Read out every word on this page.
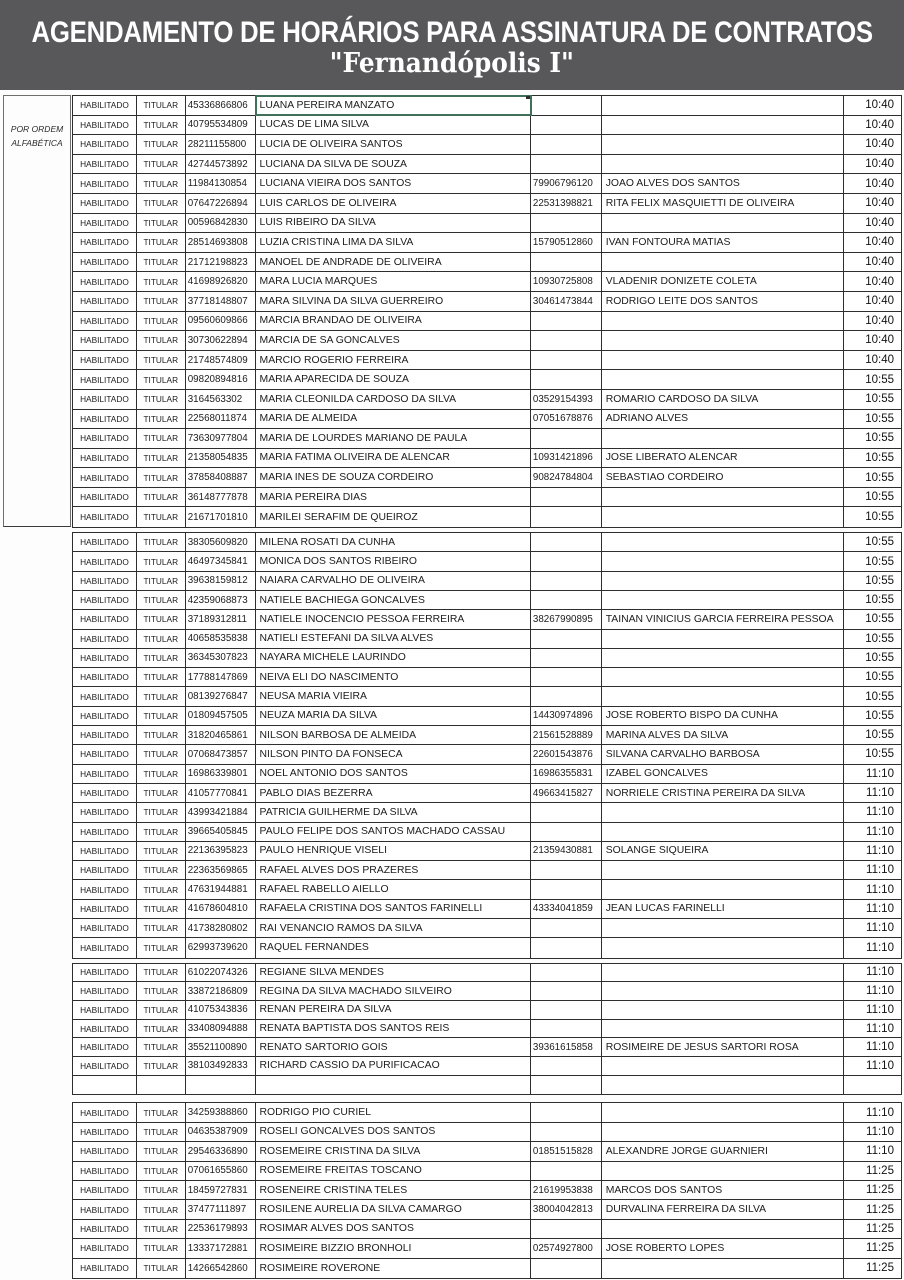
AGENDAMENTO DE HORÁRIOS PARA ASSINATURA DE CONTRATOS
"Fernandópolis I"
POR ORDEM
ALFABÉTICA
HABILITADO	TITULAR 45336866806	LUANA PEREIRA MANZATO	10:40
HABILITADO	TITULAR 40795534809	LUCAS DE LIMA SILVA	10:40
HABILITADO	TITULAR 28211155800	LUCIA DE OLIVEIRA SANTOS	10:40
HABILITADO	TITULAR 42744573892	LUCIANA DA SILVA DE SOUZA	10:40
HABILITADO	TITULAR 11984130854	LUCIANA VIEIRA DOS SANTOS	79906796120	JOAO ALVES DOS SANTOS	10:40
HABILITADO	TITULAR 07647226894	LUIS CARLOS DE OLIVEIRA	22531398821	RITA FELIX MASQUIETTI DE OLIVEIRA	10:40
HABILITADO	TITULAR 00596842830	LUIS RIBEIRO DA SILVA	10:40
HABILITADO	TITULAR 28514693808	LUZIA CRISTINA LIMA DA SILVA	15790512860	IVAN FONTOURA MATIAS	10:40
HABILITADO	TITULAR 21712198823	MANOEL DE ANDRADE DE OLIVEIRA	10:40
HABILITADO	TITULAR 41698926820	MARA LUCIA MARQUES	10930725808	VLADENIR DONIZETE COLETA	10:40
HABILITADO	TITULAR 37718148807	MARA SILVINA DA SILVA GUERREIRO	30461473844	RODRIGO LEITE DOS SANTOS	10:40
HABILITADO	TITULAR 09560609866	MARCIA BRANDAO DE OLIVEIRA	10:40
HABILITADO	TITULAR 30730622894	MARCIA DE SA GONCALVES	10:40
HABILITADO	TITULAR 21748574809	MARCIO ROGERIO FERREIRA	10:40
HABILITADO	TITULAR 09820894816	MARIA APARECIDA DE SOUZA	10:55
HABILITADO	TITULAR 3164563302	MARIA CLEONILDA CARDOSO DA SILVA	03529154393	ROMARIO CARDOSO DA SILVA	10:55
HABILITADO	TITULAR 22568011874	MARIA DE ALMEIDA	07051678876	ADRIANO ALVES	10:55
HABILITADO	TITULAR 73630977804	MARIA DE LOURDES MARIANO DE PAULA	10:55
HABILITADO	TITULAR 21358054835	MARIA FATIMA OLIVEIRA DE ALENCAR	10931421896	JOSE LIBERATO ALENCAR	10:55
HABILITADO	TITULAR 37858408887	MARIA INES DE SOUZA CORDEIRO	90824784804	SEBASTIAO CORDEIRO	10:55
HABILITADO	TITULAR 36148777878	MARIA PEREIRA DIAS	10:55
HABILITADO	TITULAR 21671701810	MARILEI SERAFIM DE QUEIROZ	10:55
HABILITADO	TITULAR 38305609820	MILENA ROSATI DA CUNHA	10:55
HABILITADO	TITULAR 46497345841	MONICA DOS SANTOS RIBEIRO	10:55
HABILITADO	TITULAR 39638159812	NAIARA CARVALHO DE OLIVEIRA	10:55
HABILITADO	TITULAR 42359068873	NATIELE BACHIEGA GONCALVES	10:55
HABILITADO	TITULAR 37189312811	NATIELE INOCENCIO PESSOA FERREIRA	38267990895	TAINAN VINICIUS GARCIA FERREIRA PESSOA	10:55
HABILITADO	TITULAR 40658535838	NATIELI ESTEFANI DA SILVA ALVES	10:55
HABILITADO	TITULAR 36345307823	NAYARA MICHELE LAURINDO	10:55
HABILITADO	TITULAR 17788147869	NEIVA ELI DO NASCIMENTO	10:55
HABILITADO	TITULAR 08139276847	NEUSA MARIA VIEIRA	10:55
HABILITADO	TITULAR 01809457505	NEUZA MARIA DA SILVA	14430974896	JOSE ROBERTO BISPO DA CUNHA	10:55
HABILITADO	TITULAR 31820465861	NILSON BARBOSA DE ALMEIDA	21561528889	MARINA ALVES DA SILVA	10:55
HABILITADO	TITULAR 07068473857	NILSON PINTO DA FONSECA	22601543876	SILVANA CARVALHO BARBOSA	10:55
HABILITADO	TITULAR 16986339801	NOEL ANTONIO DOS SANTOS	16986355831	IZABEL GONCALVES	11:10
HABILITADO	TITULAR 41057770841	PABLO DIAS BEZERRA	49663415827	NORRIELE CRISTINA PEREIRA DA SILVA	11:10
HABILITADO	TITULAR 43993421884	PATRICIA GUILHERME DA SILVA	11:10
HABILITADO	TITULAR 39665405845	PAULO FELIPE DOS SANTOS MACHADO CASSAU	11:10
HABILITADO	TITULAR 22136395823	PAULO HENRIQUE VISELI	21359430881	SOLANGE SIQUEIRA	11:10
HABILITADO	TITULAR 22363569865	RAFAEL ALVES DOS PRAZERES	11:10
HABILITADO	TITULAR 47631944881	RAFAEL RABELLO AIELLO	11:10
HABILITADO	TITULAR 41678604810	RAFAELA CRISTINA DOS SANTOS FARINELLI	43334041859	JEAN LUCAS FARINELLI	11:10
HABILITADO	TITULAR 41738280802	RAI VENANCIO RAMOS DA SILVA	11:10
HABILITADO	TITULAR 62993739620	RAQUEL FERNANDES	11:10
HABILITADO	TITULAR 61022074326	REGIANE SILVA MENDES	11:10
HABILITADO	TITULAR 33872186809	REGINA DA SILVA MACHADO SILVEIRO	11:10
HABILITADO	TITULAR 41075343836	RENAN PEREIRA DA SILVA	11:10
HABILITADO	TITULAR 33408094888	RENATA BAPTISTA DOS SANTOS REIS	11:10
HABILITADO	TITULAR 35521100890	RENATO SARTORIO GOIS	39361615858	ROSIMEIRE DE JESUS SARTORI ROSA	11:10
HABILITADO	TITULAR 38103492833	RICHARD CASSIO DA PURIFICACAO	11:10
HABILITADO	TITULAR 34259388860	RODRIGO PIO CURIEL	11:10
HABILITADO	TITULAR 04635387909	ROSELI GONCALVES DOS SANTOS	11:10
HABILITADO	TITULAR 29546336890	ROSEMEIRE CRISTINA DA SILVA	01851515828	ALEXANDRE JORGE GUARNIERI	11:10
HABILITADO	TITULAR 07061655860	ROSEMEIRE FREITAS TOSCANO	11:25
HABILITADO	TITULAR 18459727831	ROSENEIRE CRISTINA TELES	21619953838	MARCOS DOS SANTOS	11:25
HABILITADO	TITULAR 37477111897	ROSILENE AURELIA DA SILVA CAMARGO	38004042813	DURVALINA FERREIRA DA SILVA	11:25
HABILITADO	TITULAR 22536179893	ROSIMAR ALVES DOS SANTOS	11:25
HABILITADO	TITULAR 13337172881	ROSIMEIRE BIZZIO BRONHOLI	02574927800	JOSE ROBERTO LOPES	11:25
HABILITADO	TITULAR 14266542860	ROSIMEIRE ROVERONE	11:25
